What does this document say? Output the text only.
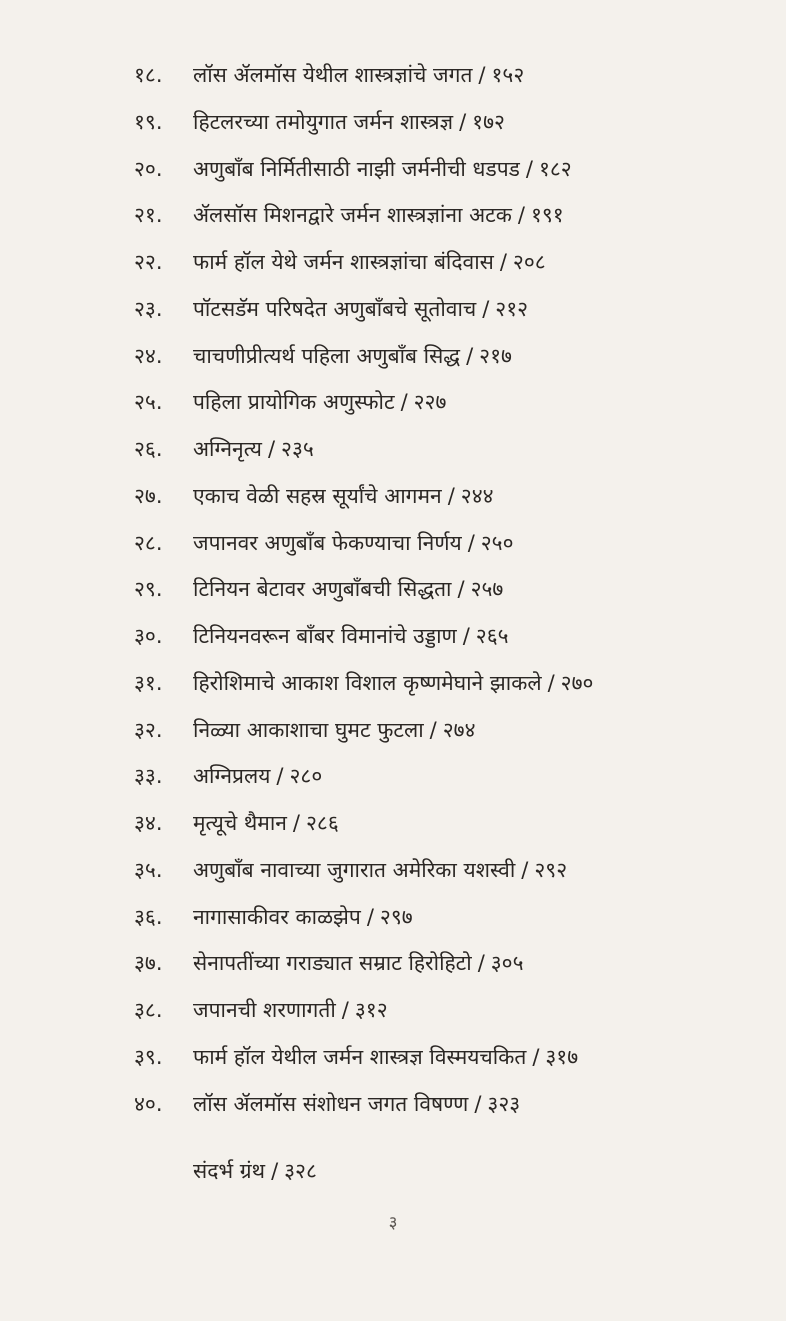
१८.	लॉस ॲलमॉस येथील शास्त्रज्ञांचे जगत / १५२
१९.	हिटलरच्या तमोयुगात जर्मन शास्त्रज्ञ / १७२
२०.	अणुबाँब निर्मितीसाठी नाझी जर्मनीची धडपड / १८२
२१.	ॲलसॉस मिशनद्वारे जर्मन शास्त्रज्ञांना अटक / १९१
२२.	फार्म हॉल येथे जर्मन शास्त्रज्ञांचा बंदिवास / २०८
२३.	पॉटसडॅम परिषदेत अणुबाँबचे सूतोवाच / २१२
२४.	चाचणीप्रीत्यर्थ पहिला अणुबाँब सिद्ध / २१७
२५.	पहिला प्रायोगिक अणुस्फोट / २२७
२६.	अग्निनृत्य / २३५
२७.	एकाच वेळी सहस्र सूर्यांचे आगमन / २४४
२८.	जपानवर अणुबाँब फेकण्याचा निर्णय / २५०
२९.	टिनियन बेटावर अणुबाँबची सिद्धता / २५७
३०.	टिनियनवरून बाँबर विमानांचे उड्डाण / २६५
३१.	हिरोशिमाचे आकाश विशाल कृष्णमेघाने झाकले / २७०
३२.	निळ्या आकाशाचा घुमट फुटला / २७४
३३.	अग्निप्रलय / २८०
३४.	मृत्यूचे थैमान / २८६
३५.	अणुबाँब नावाच्या जुगारात अमेरिका यशस्वी / २९२
३६.	नागासाकीवर काळझेप / २९७
३७.	सेनापतींच्या गराड्यात सम्राट हिरोहिटो / ३०५
३८.	जपानची शरणागती / ३१२
३९.	फार्म हॉल येथील जर्मन शास्त्रज्ञ विस्मयचकित / ३१७
४०.	लॉस ॲलमॉस संशोधन जगत विषण्ण / ३२३
संदर्भ ग्रंथ / ३२८
३
